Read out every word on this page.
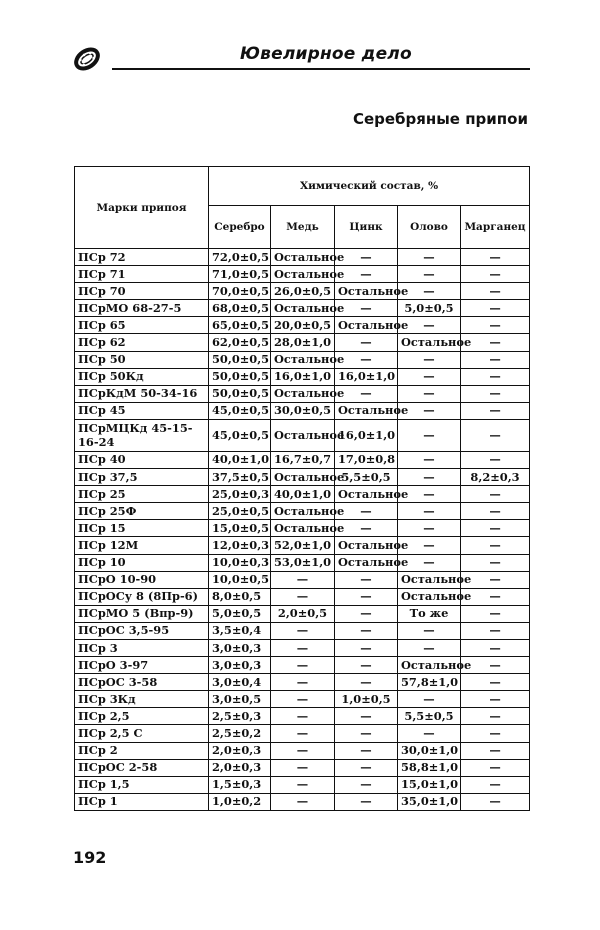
Ювелирное дело
Серебряные припои
Марки припоя	Химический состав, %				
	Серебро	Медь	Цинк	Олово	Марганец
ПСр 72	72,0±0,5	Остальное	—	—	—
ПСр 71	71,0±0,5	Остальное	—	—	—
ПСр 70	70,0±0,5	26,0±0,5	Остальное	—	—
ПСрМО 68-27-5	68,0±0,5	Остальное	—	5,0±0,5	—
ПСр 65	65,0±0,5	20,0±0,5	Остальное	—	—
ПСр 62	62,0±0,5	28,0±1,0	—	Остальное	—
ПСр 50	50,0±0,5	Остальное	—	—	—
ПСр 50Кд	50,0±0,5	16,0±1,0	16,0±1,0	—	—
ПСрКдМ 50-34-16	50,0±0,5	Остальное	—	—	—
ПСр 45	45,0±0,5	30,0±0,5	Остальное	—	—
ПСрМЦКд 45-15-16-24	45,0±0,5	Остальное	16,0±1,0	—	—
ПСр 40	40,0±1,0	16,7±0,7	17,0±0,8	—	—
ПСр 37,5	37,5±0,5	Остальное	5,5±0,5	—	8,2±0,3
ПСр 25	25,0±0,3	40,0±1,0	Остальное	—	—
ПСр 25Ф	25,0±0,5	Остальное	—	—	—
ПСр 15	15,0±0,5	Остальное	—	—	—
ПСр 12М	12,0±0,3	52,0±1,0	Остальное	—	—
ПСр 10	10,0±0,3	53,0±1,0	Остальное	—	—
ПСрО 10-90	10,0±0,5	—	—	Остальное	—
ПСрОСу 8 (8Пр-6)	8,0±0,5	—	—	Остальное	—
ПСрМО 5 (Впр-9)	5,0±0,5	2,0±0,5	—	То же	—
ПСрОС 3,5-95	3,5±0,4	—	—	—	—
ПСр 3	3,0±0,3	—	—	—	—
ПСрО 3-97	3,0±0,3	—	—	Остальное	—
ПСрОС 3-58	3,0±0,4	—	—	57,8±1,0	—
ПСр 3Кд	3,0±0,5	—	1,0±0,5	—	—
ПСр 2,5	2,5±0,3	—	—	5,5±0,5	—
ПСр 2,5 С	2,5±0,2	—	—	—	—
ПСр 2	2,0±0,3	—	—	30,0±1,0	—
ПСрОС 2-58	2,0±0,3	—	—	58,8±1,0	—
ПСр 1,5	1,5±0,3	—	—	15,0±1,0	—
ПСр 1	1,0±0,2	—	—	35,0±1,0	—
192
